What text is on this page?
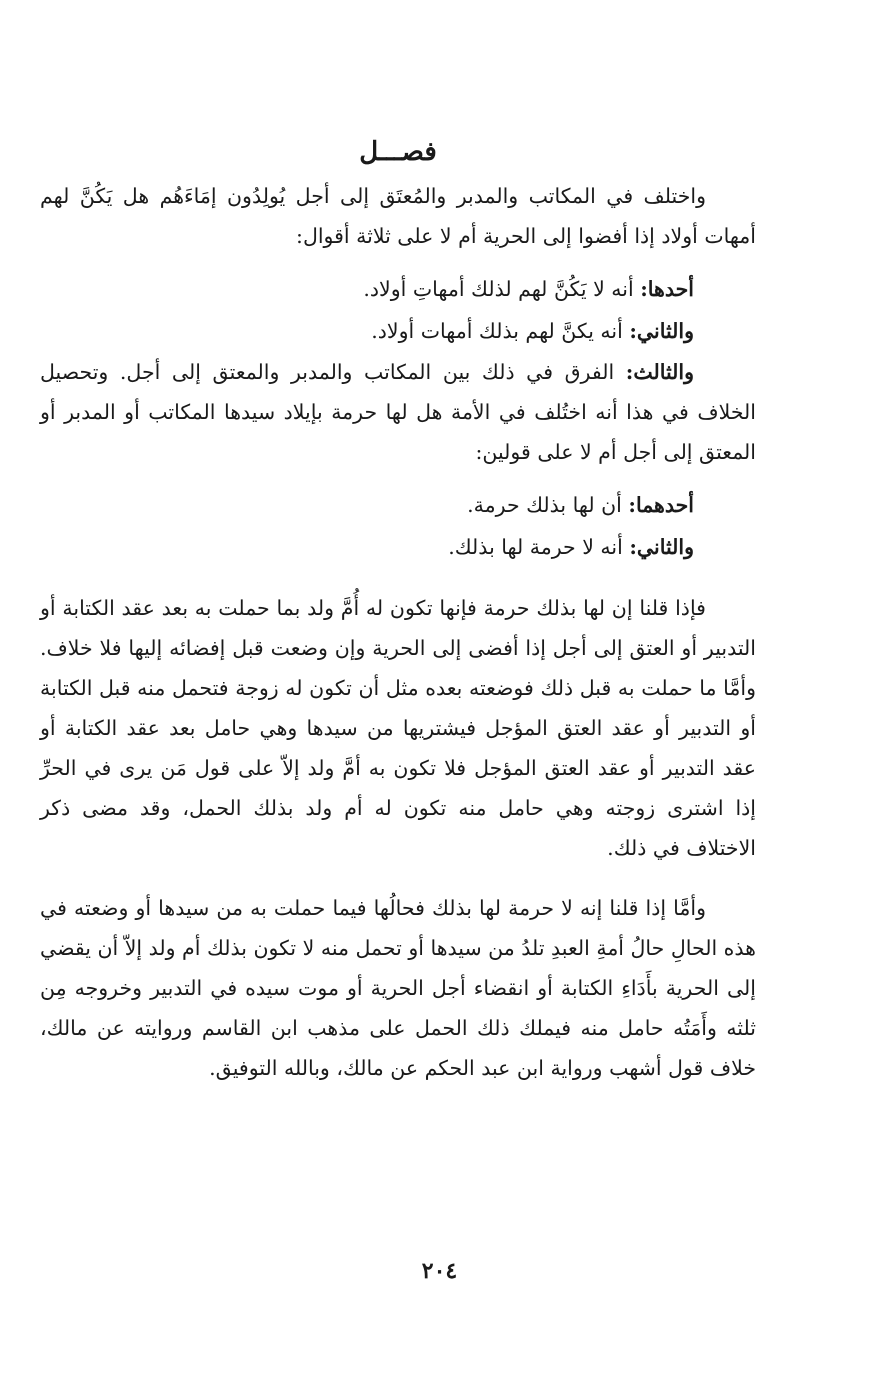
فصـــل

واختلف في المكاتب والمدبر والمُعتَق إلى أجل يُولِدُون إمَاءَهُم هل يَكُنَّ لهم أمهات أولاد إذا أفضوا إلى الحرية أم لا على ثلاثة أقوال:

أحدها: أنه لا يَكُنَّ لهم لذلك أمهاتِ أولاد.
والثاني: أنه يكنَّ لهم بذلك أمهات أولاد.
والثالث: الفرق في ذلك بين المكاتب والمدبر والمعتق إلى أجل. وتحصيل الخلاف في هذا أنه اختُلف في الأمة هل لها حرمة بإيلاد سيدها المكاتب أو المدبر أو المعتق إلى أجل أم لا على قولين:
أحدهما: أن لها بذلك حرمة.
والثاني: أنه لا حرمة لها بذلك.

فإذا قلنا إن لها بذلك حرمة فإنها تكون له أُمَّ ولد بما حملت به بعد عقد الكتابة أو التدبير أو العتق إلى أجل إذا أفضى إلى الحرية وإن وضعت قبل إفضائه إليها فلا خلاف. وأمَّا ما حملت به قبل ذلك فوضعته بعده مثل أن تكون له زوجة فتحمل منه قبل الكتابة أو التدبير أو عقد العتق المؤجل فيشتريها من سيدها وهي حامل بعد عقد الكتابة أو عقد التدبير أو عقد العتق المؤجل فلا تكون به أمَّ ولد إلاّ على قول مَن يرى في الحرِّ إذا اشترى زوجته وهي حامل منه تكون له أم ولد بذلك الحمل، وقد مضى ذكر الاختلاف في ذلك.

وأمَّا إذا قلنا إنه لا حرمة لها بذلك فحالُها فيما حملت به من سيدها أو وضعته في هذه الحالِ حالُ أمةِ العبدِ تلدُ من سيدها أو تحمل منه لا تكون بذلك أم ولد إلاّ أن يقضي إلى الحرية بأَدَاءِ الكتابة أو انقضاء أجل الحرية أو موت سيده في التدبير وخروجه مِن ثلثه وأَمَتُه حامل منه فيملك ذلك الحمل على مذهب ابن القاسم وروايته عن مالك، خلاف قول أشهب ورواية ابن عبد الحكم عن مالك، وبالله التوفيق.

٢٠٤
